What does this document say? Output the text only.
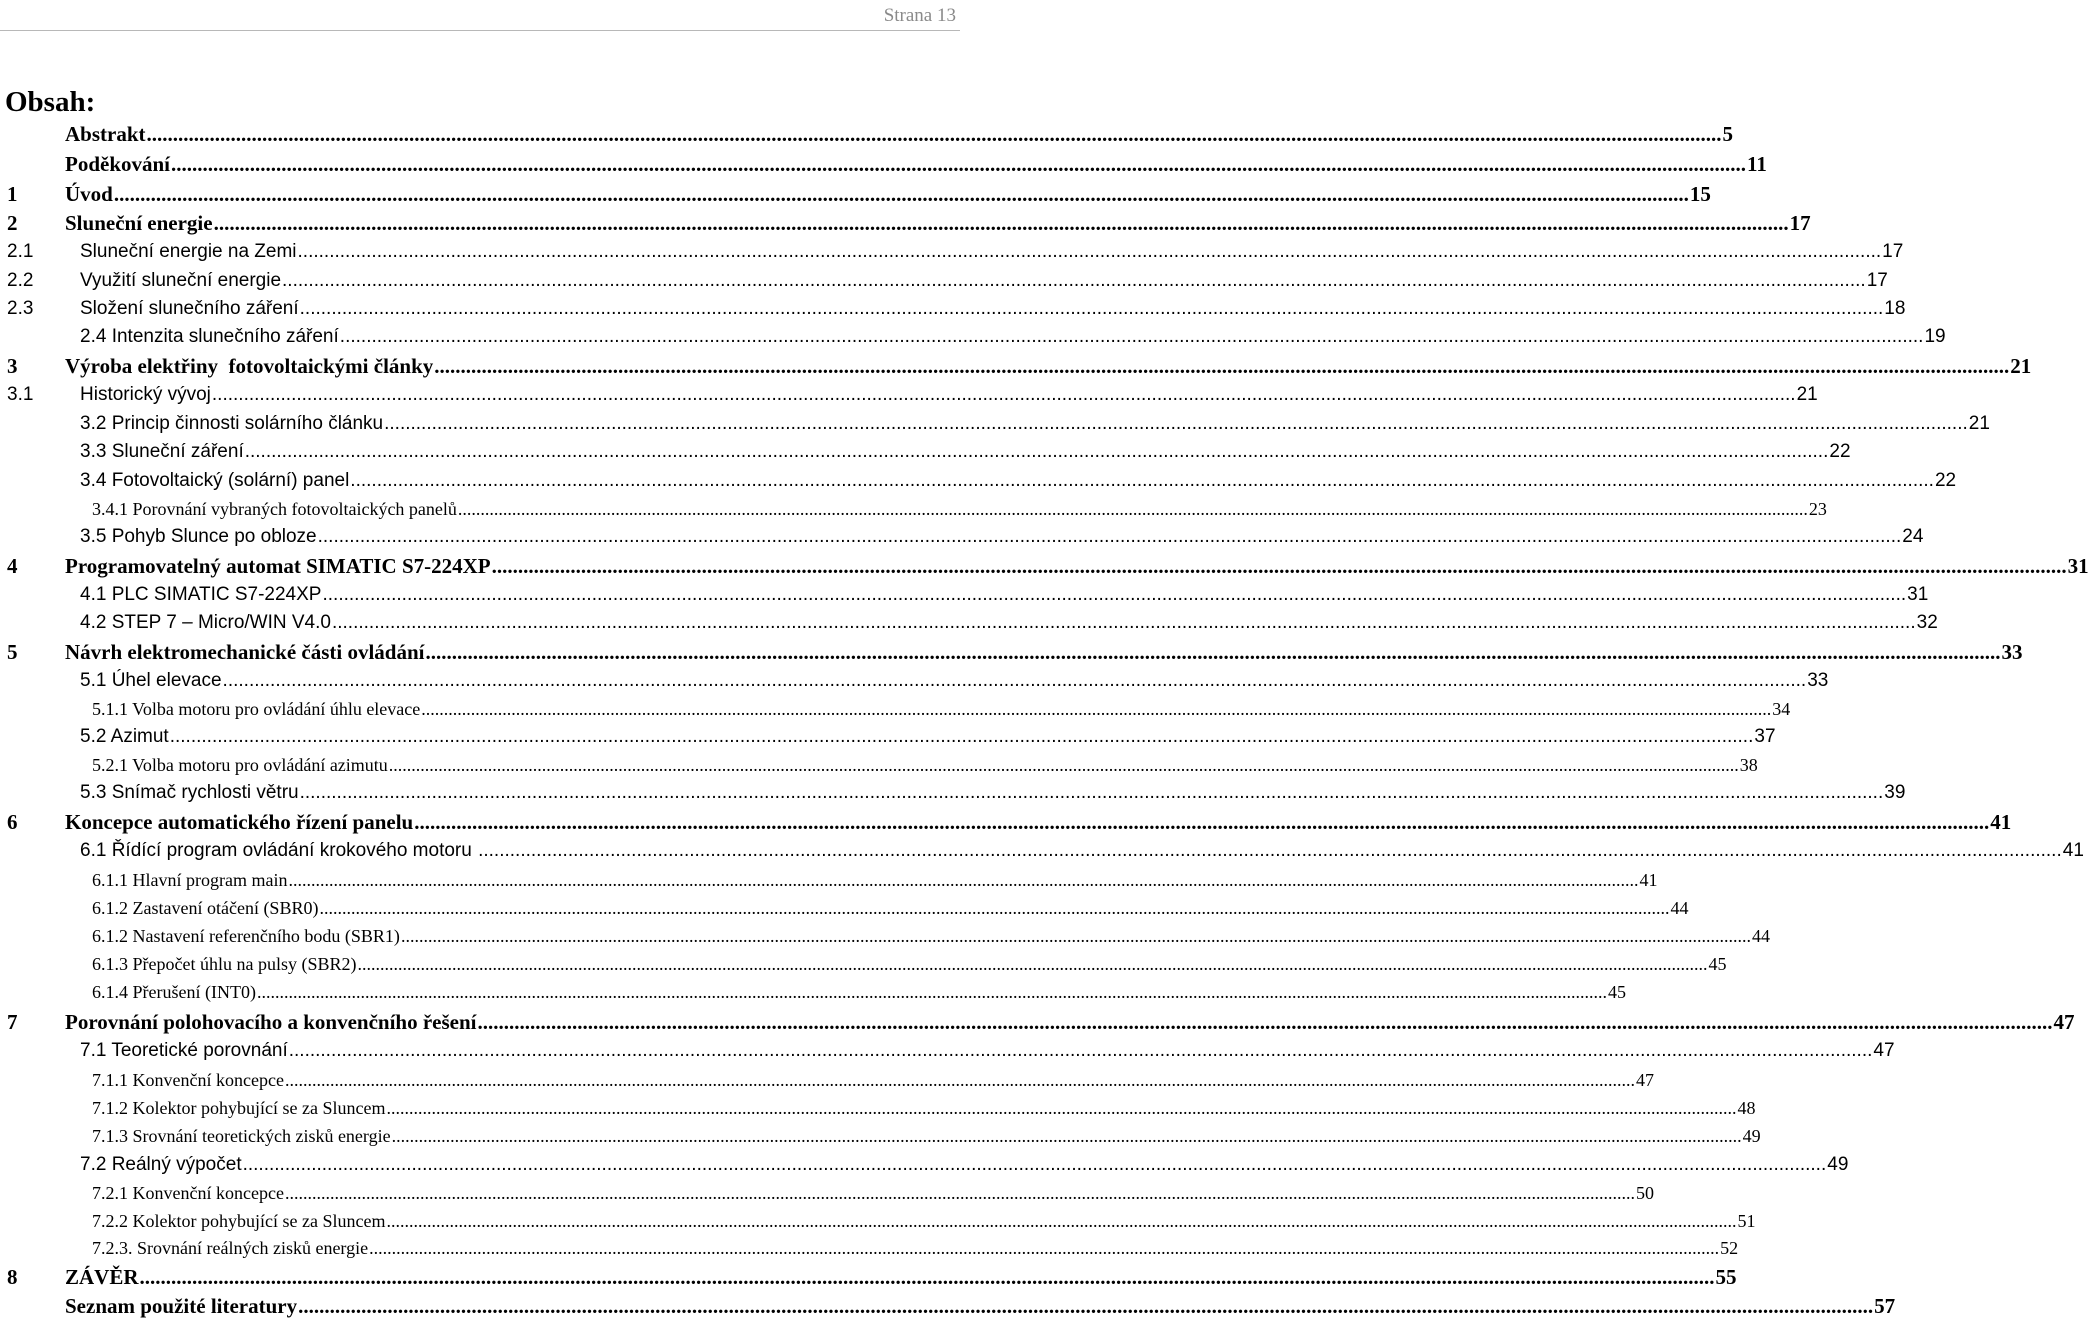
Strana 13
Obsah:
Abstrakt ............................................................................................................................................................................................................................................................................................................ 5
Poděkování ............................................................................................................................................................................................................................................................................................................ 11
1 Úvod ............................................................................................................................................................................................................................................................................................................ 15
2 Sluneční energie ............................................................................................................................................................................................................................................................................................................ 17
2.1 Sluneční energie na Zemi ............................................................................................................................................................................................................................................................................................................ 17
2.2 Využití sluneční energie ............................................................................................................................................................................................................................................................................................................ 17
2.3 Složení slunečního záření ............................................................................................................................................................................................................................................................................................................ 18
2.4 Intenzita slunečního záření ............................................................................................................................................................................................................................................................................................................ 19
3 Výroba elektřiny  fotovoltaickými články ............................................................................................................................................................................................................................................................................................................ 21
3.1 Historický vývoj ............................................................................................................................................................................................................................................................................................................ 21
3.2 Princip činnosti solárního článku ............................................................................................................................................................................................................................................................................................................ 21
3.3 Sluneční záření ............................................................................................................................................................................................................................................................................................................ 22
3.4 Fotovoltaický (solární) panel ............................................................................................................................................................................................................................................................................................................ 22
3.4.1 Porovnání vybraných fotovoltaických panelů ............................................................................................................................................................................................................................................................................................................ 23
3.5 Pohyb Slunce po obloze ............................................................................................................................................................................................................................................................................................................ 24
4 Programovatelný automat SIMATIC S7-224XP ............................................................................................................................................................................................................................................................................................................ 31
4.1 PLC SIMATIC S7-224XP ............................................................................................................................................................................................................................................................................................................ 31
4.2 STEP 7 – Micro/WIN V4.0 ............................................................................................................................................................................................................................................................................................................ 32
5 Návrh elektromechanické části ovládání ............................................................................................................................................................................................................................................................................................................ 33
5.1 Úhel elevace ............................................................................................................................................................................................................................................................................................................ 33
5.1.1 Volba motoru pro ovládání úhlu elevace ............................................................................................................................................................................................................................................................................................................ 34
5.2 Azimut ............................................................................................................................................................................................................................................................................................................ 37
5.2.1 Volba motoru pro ovládání azimutu ............................................................................................................................................................................................................................................................................................................ 38
5.3 Snímač rychlosti větru ............................................................................................................................................................................................................................................................................................................ 39
6 Koncepce automatického řízení panelu ............................................................................................................................................................................................................................................................................................................ 41
6.1 Řídící program ovládání krokového motoru ............................................................................................................................................................................................................................................................................................................ 41
6.1.1 Hlavní program main ............................................................................................................................................................................................................................................................................................................ 41
6.1.2 Zastavení otáčení (SBR0) ............................................................................................................................................................................................................................................................................................................ 44
6.1.2 Nastavení referenčního bodu (SBR1) ............................................................................................................................................................................................................................................................................................................ 44
6.1.3 Přepočet úhlu na pulsy (SBR2) ............................................................................................................................................................................................................................................................................................................ 45
6.1.4 Přerušení (INT0) ............................................................................................................................................................................................................................................................................................................ 45
7 Porovnání polohovacího a konvenčního řešení ............................................................................................................................................................................................................................................................................................................ 47
7.1 Teoretické porovnání ............................................................................................................................................................................................................................................................................................................ 47
7.1.1 Konvenční koncepce ............................................................................................................................................................................................................................................................................................................ 47
7.1.2 Kolektor pohybující se za Sluncem ............................................................................................................................................................................................................................................................................................................ 48
7.1.3 Srovnání teoretických zisků energie ............................................................................................................................................................................................................................................................................................................ 49
7.2 Reálný výpočet ............................................................................................................................................................................................................................................................................................................ 49
7.2.1 Konvenční koncepce ............................................................................................................................................................................................................................................................................................................ 50
7.2.2 Kolektor pohybující se za Sluncem ............................................................................................................................................................................................................................................................................................................ 51
7.2.3. Srovnání reálných zisků energie ............................................................................................................................................................................................................................................................................................................ 52
8 ZÁVĚR ............................................................................................................................................................................................................................................................................................................ 55
Seznam použité literatury ............................................................................................................................................................................................................................................................................................................ 57
